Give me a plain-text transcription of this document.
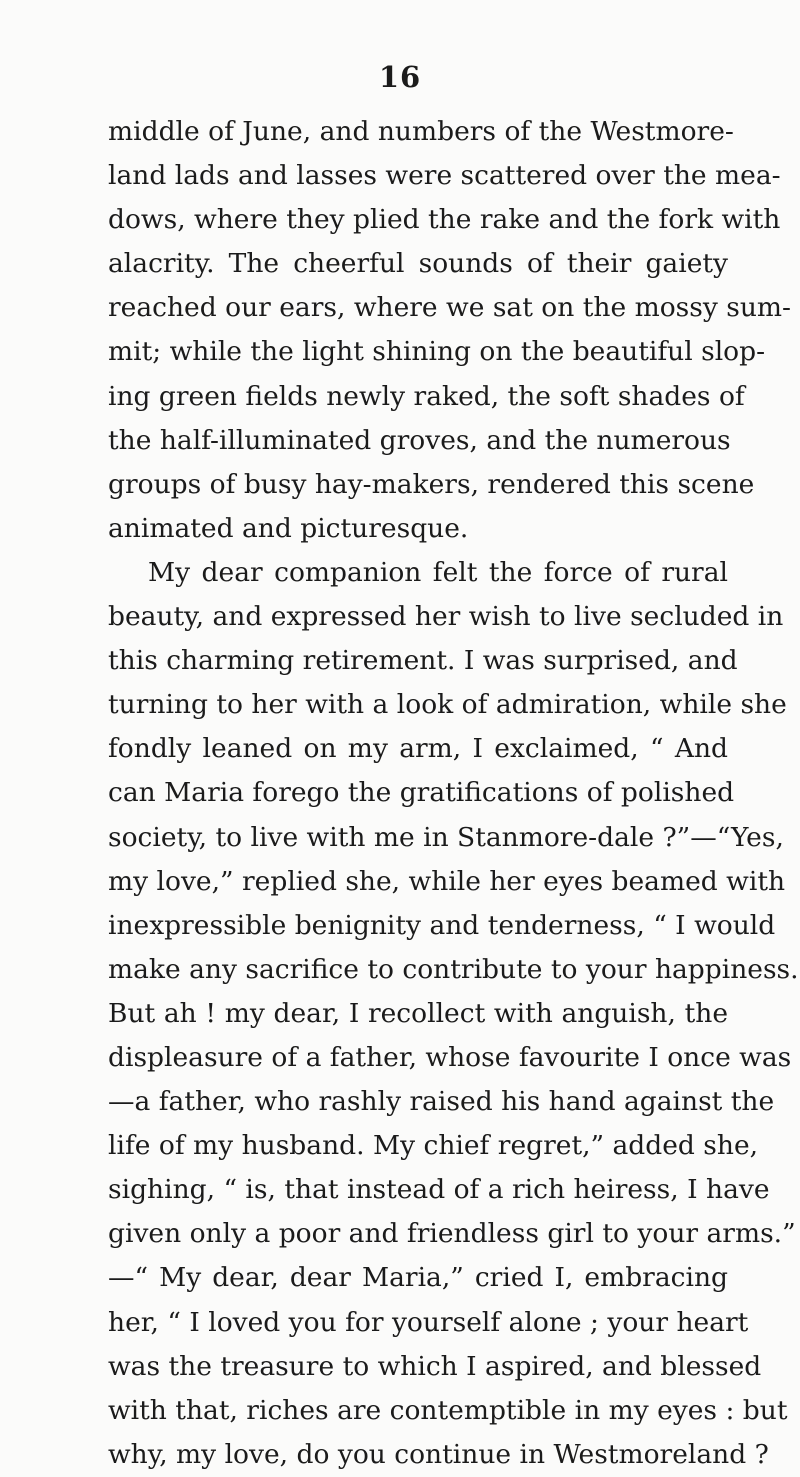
16
middle of June, and numbers of the Westmore-
land lads and lasses were scattered over the mea-
dows, where they plied the rake and the fork with
alacrity. The cheerful sounds of their gaiety
reached our ears, where we sat on the mossy sum-
mit; while the light shining on the beautiful slop-
ing green fields newly raked, the soft shades of
the half-illuminated groves, and the numerous
groups of busy hay-makers, rendered this scene
animated and picturesque.
My dear companion felt the force of rural
beauty, and expressed her wish to live secluded in
this charming retirement. I was surprised, and
turning to her with a look of admiration, while she
fondly leaned on my arm, I exclaimed, “ And
can Maria forego the gratifications of polished
society, to live with me in Stanmore-dale ?”—“Yes,
my love,” replied she, while her eyes beamed with
inexpressible benignity and tenderness, “ I would
make any sacrifice to contribute to your happiness.
But ah ! my dear, I recollect with anguish, the
displeasure of a father, whose favourite I once was
—a father, who rashly raised his hand against the
life of my husband. My chief regret,” added she,
sighing, “ is, that instead of a rich heiress, I have
given only a poor and friendless girl to your arms.”
—“ My dear, dear Maria,” cried I, embracing
her, “ I loved you for yourself alone ; your heart
was the treasure to which I aspired, and blessed
with that, riches are contemptible in my eyes : but
why, my love, do you continue in Westmoreland ?
